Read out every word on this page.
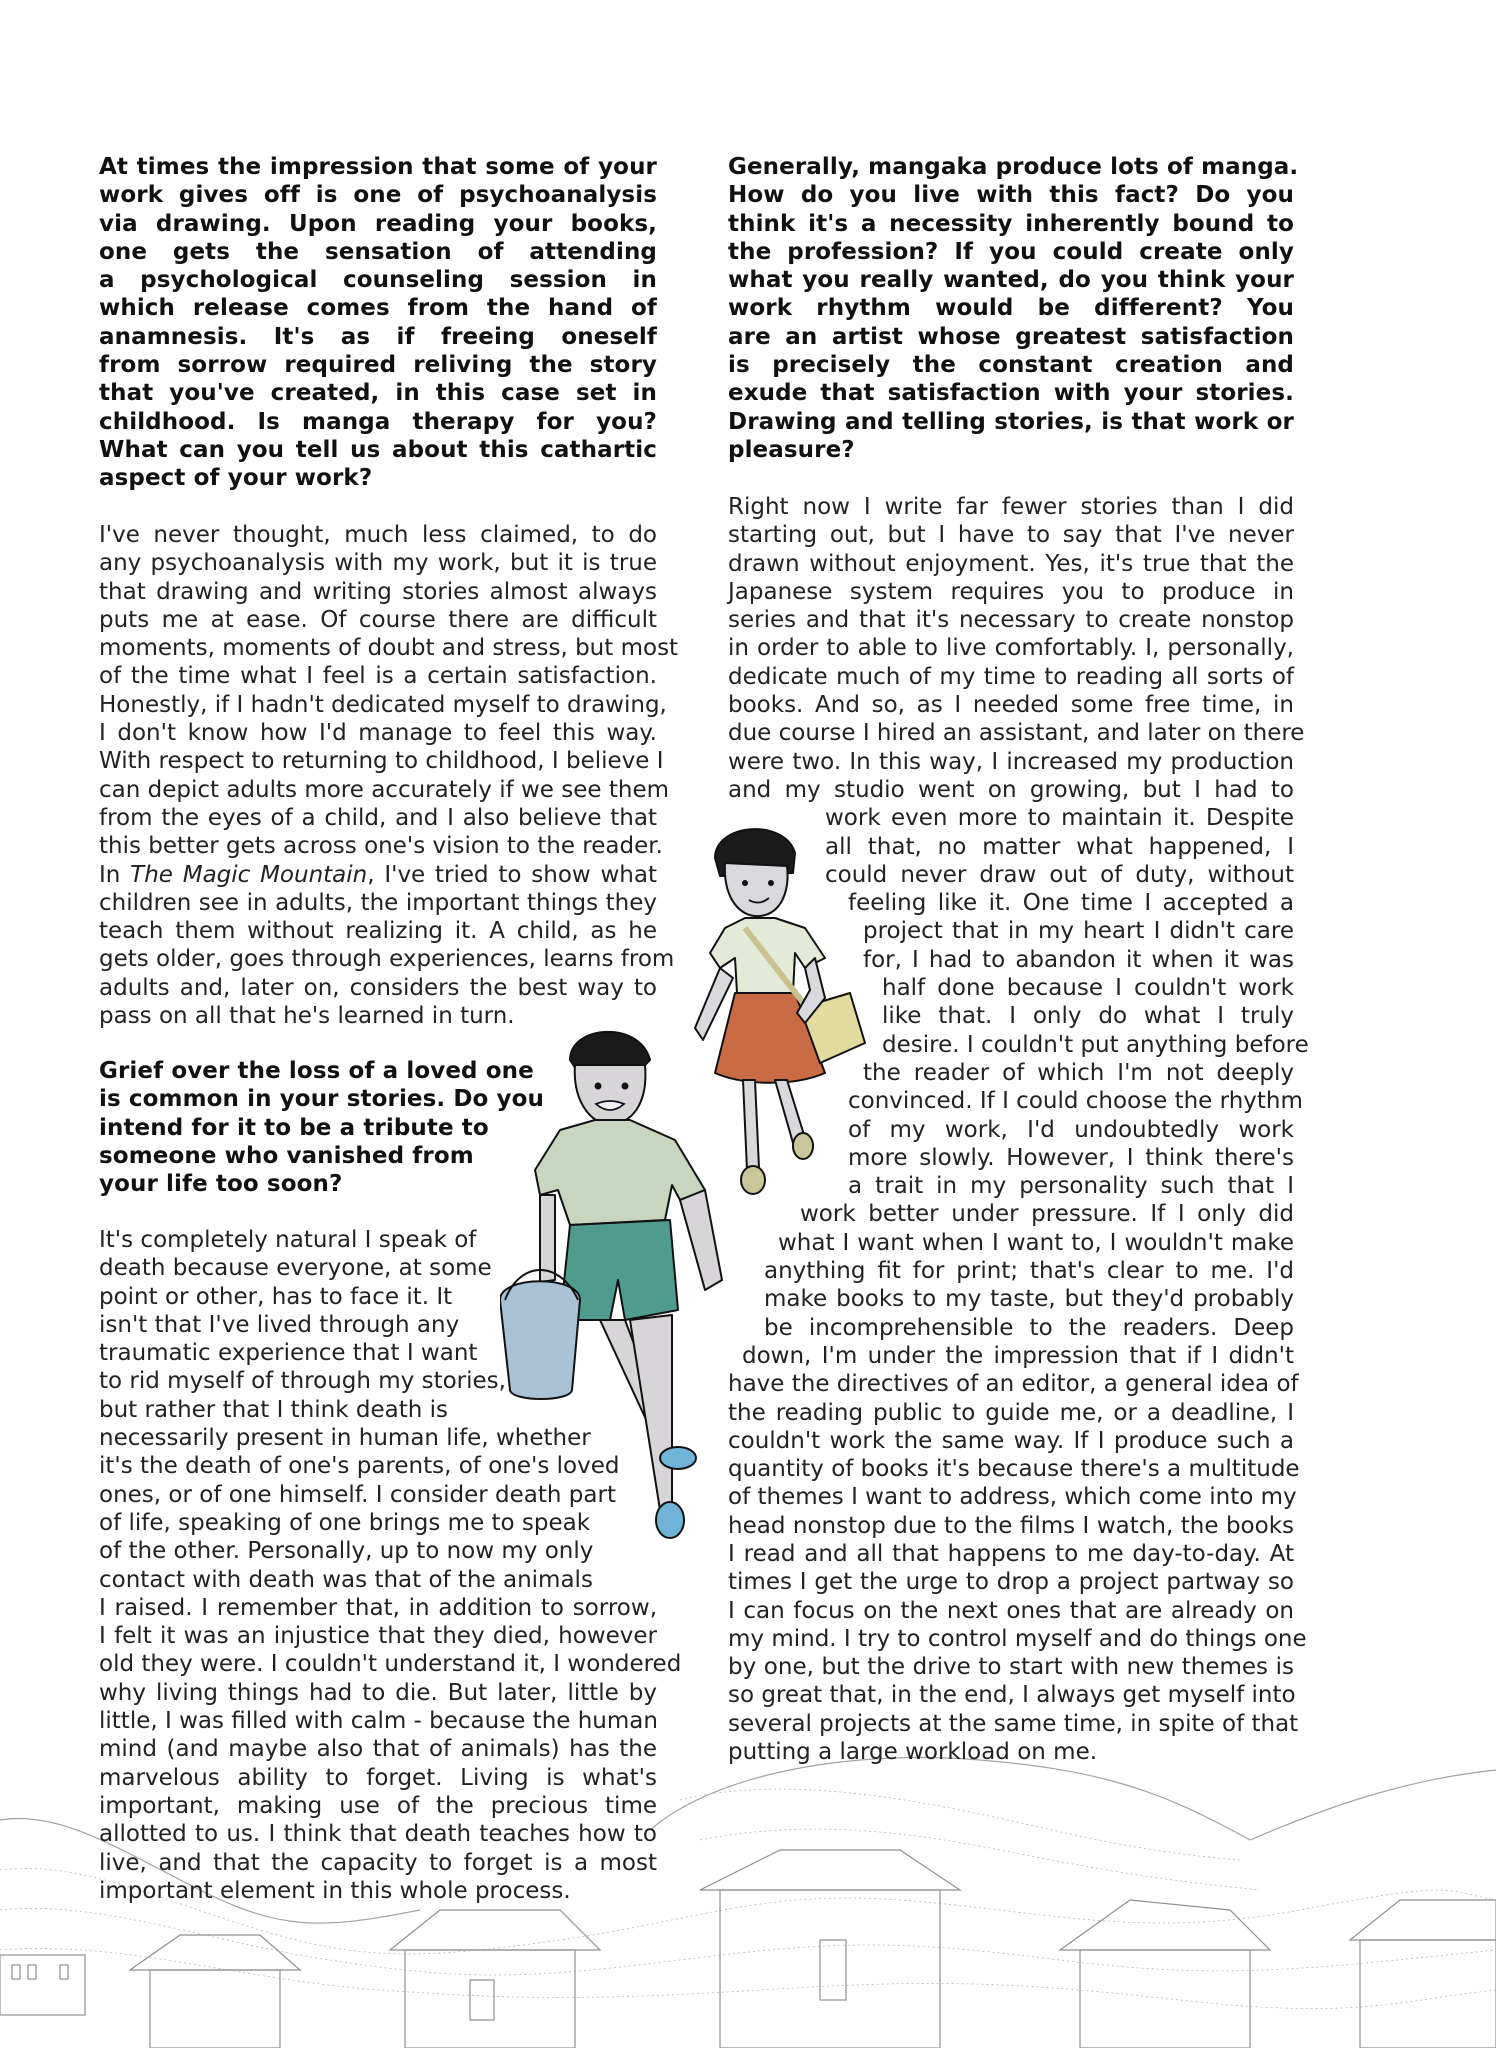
At times the impression that some of your
work gives off is one of psychoanalysis
via drawing. Upon reading your books,
one gets the sensation of attending
a psychological counseling session in
which release comes from the hand of
anamnesis. It's as if freeing oneself
from sorrow required reliving the story
that you've created, in this case set in
childhood. Is manga therapy for you?
What can you tell us about this cathartic
aspect of your work?
I've never thought, much less claimed, to do
any psychoanalysis with my work, but it is true
that drawing and writing stories almost always
puts me at ease. Of course there are difficult
moments, moments of doubt and stress, but most
of the time what I feel is a certain satisfaction.
Honestly, if I hadn't dedicated myself to drawing,
I don't know how I'd manage to feel this way.
With respect to returning to childhood, I believe I
can depict adults more accurately if we see them
from the eyes of a child, and I also believe that
this better gets across one's vision to the reader.
In The Magic Mountain, I've tried to show what
children see in adults, the important things they
teach them without realizing it. A child, as he
gets older, goes through experiences, learns from
adults and, later on, considers the best way to
pass on all that he's learned in turn.
Grief over the loss of a loved one
is common in your stories. Do you
intend for it to be a tribute to
someone who vanished from
your life too soon?
It's completely natural I speak of
death because everyone, at some
point or other, has to face it. It
isn't that I've lived through any
traumatic experience that I want
to rid myself of through my stories,
but rather that I think death is
necessarily present in human life, whether
it's the death of one's parents, of one's loved
ones, or of one himself. I consider death part
of life, speaking of one brings me to speak
of the other. Personally, up to now my only
contact with death was that of the animals
I raised. I remember that, in addition to sorrow,
I felt it was an injustice that they died, however
old they were. I couldn't understand it, I wondered
why living things had to die. But later, little by
little, I was filled with calm - because the human
mind (and maybe also that of animals) has the
marvelous ability to forget. Living is what's
important, making use of the precious time
allotted to us. I think that death teaches how to
live, and that the capacity to forget is a most
important element in this whole process.
Generally, mangaka produce lots of manga.
How do you live with this fact? Do you
think it's a necessity inherently bound to
the profession? If you could create only
what you really wanted, do you think your
work rhythm would be different? You
are an artist whose greatest satisfaction
is precisely the constant creation and
exude that satisfaction with your stories.
Drawing and telling stories, is that work or
pleasure?
Right now I write far fewer stories than I did
starting out, but I have to say that I've never
drawn without enjoyment. Yes, it's true that the
Japanese system requires you to produce in
series and that it's necessary to create nonstop
in order to able to live comfortably. I, personally,
dedicate much of my time to reading all sorts of
books. And so, as I needed some free time, in
due course I hired an assistant, and later on there
were two. In this way, I increased my production
and my studio went on growing, but I had to
work even more to maintain it. Despite
all that, no matter what happened, I
could never draw out of duty, without
feeling like it. One time I accepted a
project that in my heart I didn't care
for, I had to abandon it when it was
half done because I couldn't work
like that. I only do what I truly
desire. I couldn't put anything before
the reader of which I'm not deeply
convinced. If I could choose the rhythm
of my work, I'd undoubtedly work
more slowly. However, I think there's
a trait in my personality such that I
work better under pressure. If I only did
what I want when I want to, I wouldn't make
anything fit for print; that's clear to me. I'd
make books to my taste, but they'd probably
be incomprehensible to the readers. Deep
down, I'm under the impression that if I didn't
have the directives of an editor, a general idea of
the reading public to guide me, or a deadline, I
couldn't work the same way. If I produce such a
quantity of books it's because there's a multitude
of themes I want to address, which come into my
head nonstop due to the films I watch, the books
I read and all that happens to me day-to-day. At
times I get the urge to drop a project partway so
I can focus on the next ones that are already on
my mind. I try to control myself and do things one
by one, but the drive to start with new themes is
so great that, in the end, I always get myself into
several projects at the same time, in spite of that
putting a large workload on me.
